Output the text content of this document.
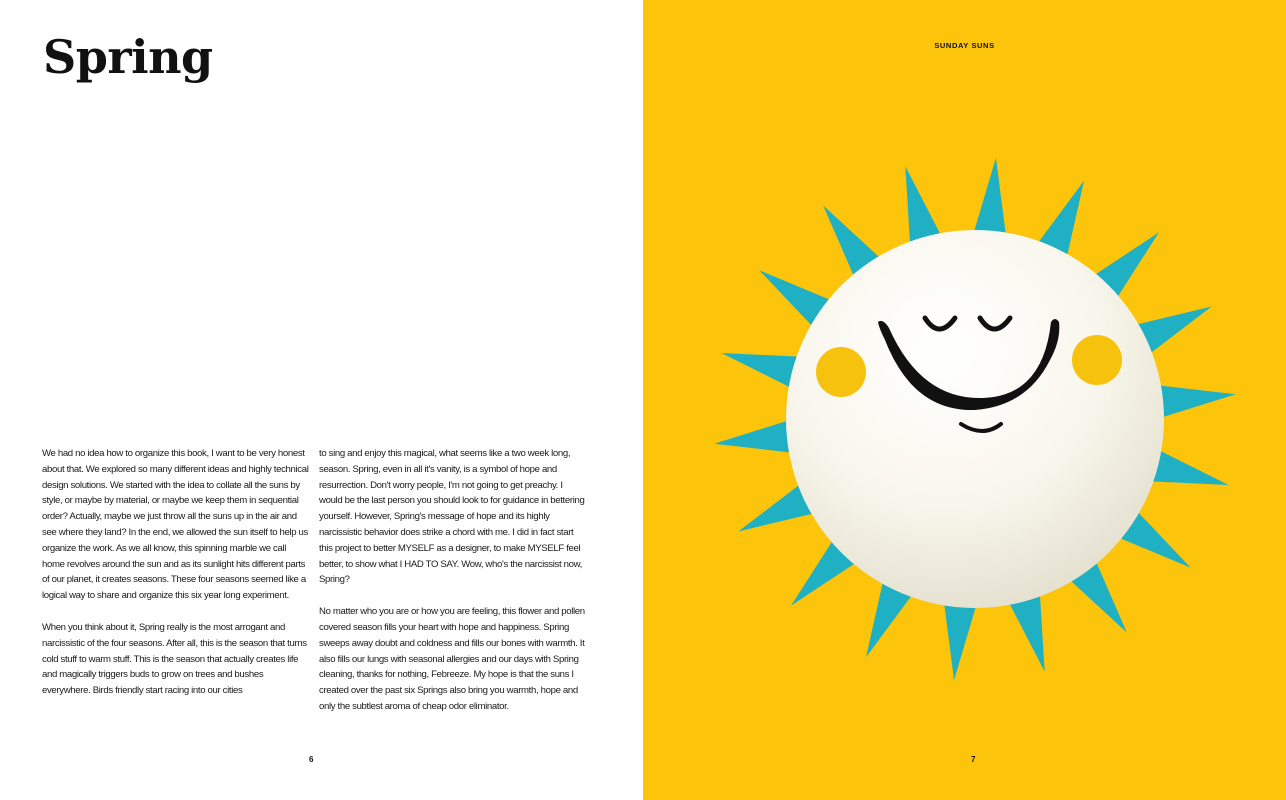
Spring

We had no idea how to organize this book, I want to be very honest about that. We explored so many different ideas and highly technical design solutions. We started with the idea to collate all the suns by style, or maybe by material, or maybe we keep them in sequential order? Actually, maybe we just throw all the suns up in the air and see where they land? In the end, we allowed the sun itself to help us organize the work. As we all know, this spinning marble we call home revolves around the sun and as its sunlight hits different parts of our planet, it creates seasons. These four seasons seemed like a logical way to share and organize this six year long experiment.

When you think about it, Spring really is the most arrogant and narcissistic of the four seasons. After all, this is the season that turns cold stuff to warm stuff. This is the season that actually creates life and magically triggers buds to grow on trees and bushes everywhere. Birds friendly start racing into our cities

to sing and enjoy this magical, what seems like a two week long, season. Spring, even in all it's vanity, is a symbol of hope and resurrection. Don't worry people, I'm not going to get preachy. I would be the last person you should look to for guidance in bettering yourself. However, Spring's message of hope and its highly narcissistic behavior does strike a chord with me. I did in fact start this project to better MYSELF as a designer, to make MYSELF feel better, to show what I HAD TO SAY. Wow, who's the narcissist now, Spring?

No matter who you are or how you are feeling, this flower and pollen covered season fills your heart with hope and happiness. Spring sweeps away doubt and coldness and fills our bones with warmth. It also fills our lungs with seasonal allergies and our days with Spring cleaning, thanks for nothing, Febreeze. My hope is that the suns I created over the past six Springs also bring you warmth, hope and only the subtlest aroma of cheap odor eliminator.

6
SUNDAY SUNS
7
